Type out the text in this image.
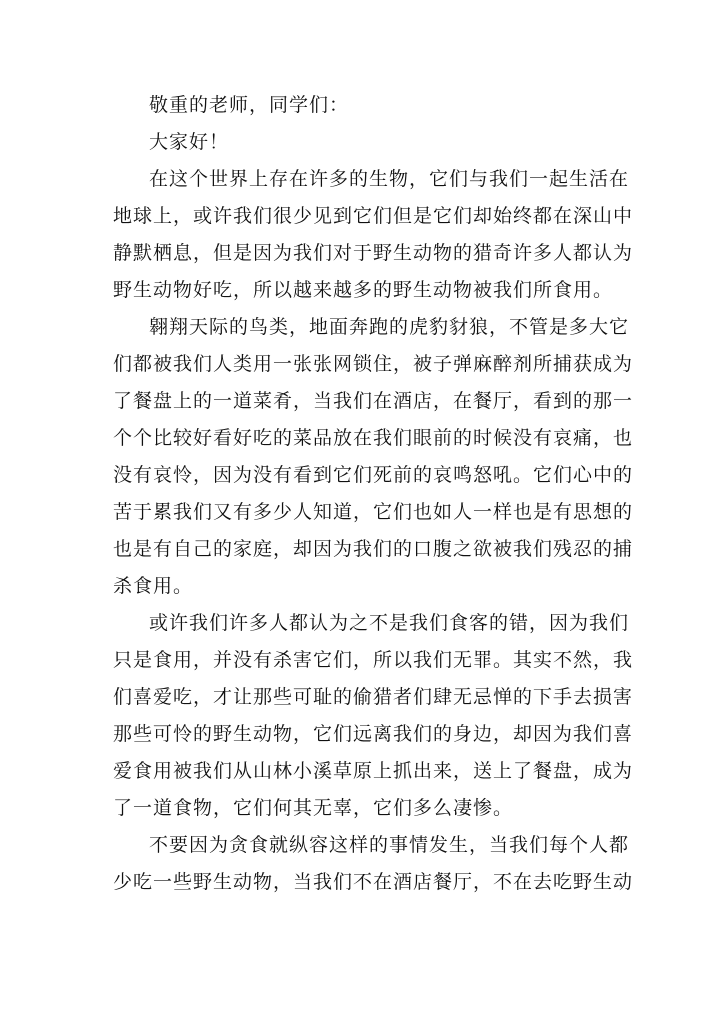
敬重的老师，同学们：
大家好！
在这个世界上存在许多的生物，它们与我们一起生活在
地球上，或许我们很少见到它们但是它们却始终都在深山中
静默栖息，但是因为我们对于野生动物的猎奇许多人都认为
野生动物好吃，所以越来越多的野生动物被我们所食用。
翱翔天际的鸟类，地面奔跑的虎豹豺狼，不管是多大它
们都被我们人类用一张张网锁住，被子弹麻醉剂所捕获成为
了餐盘上的一道菜肴，当我们在酒店，在餐厅，看到的那一
个个比较好看好吃的菜品放在我们眼前的时候没有哀痛，也
没有哀怜，因为没有看到它们死前的哀鸣怒吼。它们心中的
苦于累我们又有多少人知道，它们也如人一样也是有思想的
也是有自己的家庭，却因为我们的口腹之欲被我们残忍的捕
杀食用。
或许我们许多人都认为之不是我们食客的错，因为我们
只是食用，并没有杀害它们，所以我们无罪。其实不然，我
们喜爱吃，才让那些可耻的偷猎者们肆无忌惮的下手去损害
那些可怜的野生动物，它们远离我们的身边，却因为我们喜
爱食用被我们从山林小溪草原上抓出来，送上了餐盘，成为
了一道食物，它们何其无辜，它们多么凄惨。
不要因为贪食就纵容这样的事情发生，当我们每个人都
少吃一些野生动物，当我们不在酒店餐厅，不在去吃野生动
